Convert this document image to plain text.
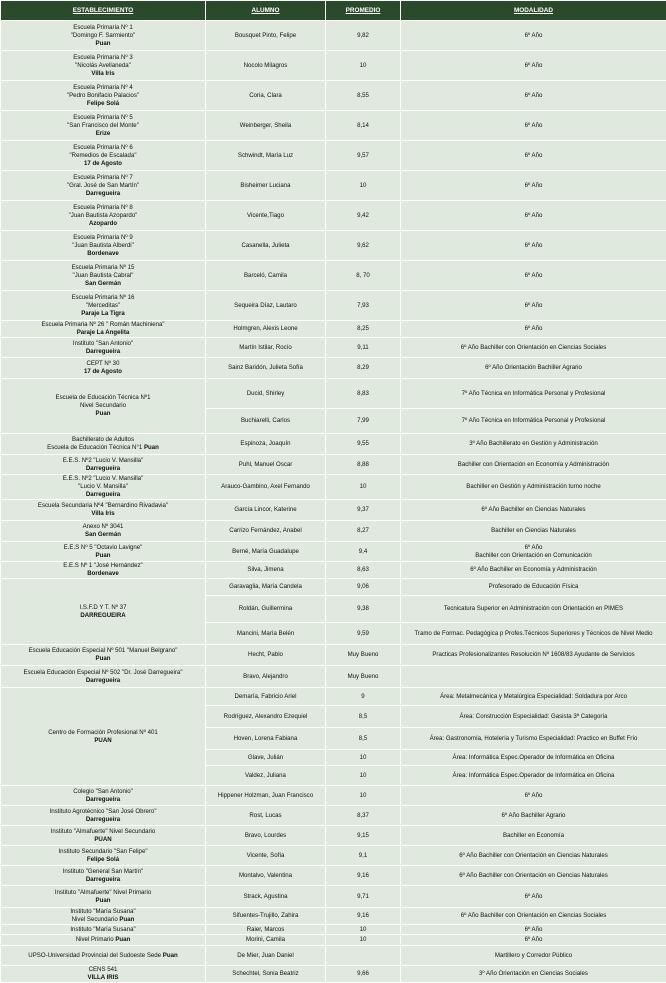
ESTABLECIMIENTO	ALUMNO	PROMEDIO	MODALIDAD

Escuela Primaria Nº 1
"Domingo F. Sarmiento"
Puan	Bousquet Pinto, Felipe	9,82	6º Año

Escuela Primaria Nº 3
"Nicolás Avellaneda"
Villa Iris	Nocolo Milagros	10	6º Año

Escuela Primaria Nº 4
"Pedro Bonifacio Palacios"
Felipe Solá	Coria, Clara	8,55	6º Año

Escuela Primaria Nº 5
"San Francisco del Monte"
Erize	Weinberger, Sheila	8,14	6º Año

Escuela Primaria Nº 6
"Remedios de Escalada"
17 de Agosto	Schwindt, María Luz	9,57	6º Año

Escuela Primaria Nº 7
"Gral. José de San Martín"
Darregueira	Bisheimer Luciana	10	6º Año

Escuela Primaria Nº 8
"Juan Bautista Azopardo"
Azopardo	Vicente,Tiago	9,42	6º Año

Escuela Primaria Nº 9
"Juan Bautista Alberdi"
Bordenave	Casanella, Julieta	9,62	6º Año

Escuela Primaria Nº 15
"Juan Bautista Cabral"
San Germán	Barceló, Camila	8, 70	6º Año

Escuela Primaria Nº 16
"Merceditas"
Paraje La Tigra	Sequeira Díaz, Lautaro	7,93	6º Año

Escuela Primaria Nº 26 " Román Machiniena"
Paraje La Angelita	Holmgren, Alexis Leone	8,25	6º Año

Instituto "San Antonio"
Darregueira	Martín Istilar, Rocío	9,11	6º Año Bachiller con Orientación en Ciencias Sociales

CEPT Nº 30
17 de Agosto	Sainz Baridón, Julieta Sofía	8,29	6º Año Orientación Bachiller Agrario

Escuela de Educación Técnica Nº1
Nivel Secundario
Puan	Ducid, Shirley	8,83	7º Año Técnica en Informática Personal y Profesional

	Buchiarelli, Carlos	7,99	7º Año Técnica en Informática Personal y Profesional

Bachillerato de Adultos
Escuela de Educación Técnica N°1 Puan	Espinoza, Joaquín	9,55	3º Año Bachillerato en Gestión y Administración

E.E.S. Nº2 "Lucio V. Mansilla"
Darregueira	Puhl, Manuel Oscar	8,88	Bachiller con Orientación en Economía y Administración

E.E.S. Nº2 "Lucio V. Mansilla"
"Lucio V. Mansilla"
Darregueira	Arauco-Gambino, Axel Fernando	10	Bachiller en Gestión y Administración turno noche

Escuela Secundaria Nº4 "Bernardino Rivadavia"
Villa Iris	García Lincor, Katerine	9,37	6º Año Bachiller en Ciencias Naturales

Anexo Nº 3041
San Germán	Carrizo Fernández, Anabel	8,27	Bachiller en Ciencias Naturales

E.E.S Nº 5 "Octavio Lavigne"
Puan	Berné, María Guadalupe	9,4	6º Año
Bachiller con Orientación en Comunicación

E.E.S Nº 1 "José Hernández"
Bordenave	Silva, Jimena	8,63	6º Año Bachiller en Economía y Administración

I.S.F.D Y T. Nº 37
DARREGUEIRA	Garavaglia, María Candela	9,06	Profesorado de Educación Física

	Roldán, Guillermina	9,38	Tecnicatura Superior en Administración con Orientación en PIMES

	Mancini, María Belén	9,59	Tramo de Formac. Pedagógica p Profes.Técnicos Superiores y Técnicos de Nivel Medio

Escuela Educación Especial Nº 501 "Manuel Belgrano"
Puan	Hecht, Pablo	Muy Bueno	Practicas Profesionalizantes Resolución Nº 1608/83 Ayudante de Servicios

Escuela Educación Especial Nº 502 "Dr. José Darregueira"
Darregueira	Bravo, Alejandro	Muy Bueno	

Centro de Formación Profesional Nº 401
PUAN	Demaría, Fabricio Ariel	9	Área: Metalmecánica y Metalúrgica Especialidad: Soldadura por Arco

	Rodríguez, Alexandro Ezequiel	8,5	Área: Construcción Especialidad: Gasista 3ª Categoría

	Hoven, Lorena Fabiana	8,5	Área: Gastronomía, Hotelería y Turismo Especialidad: Practico en Buffet Frío

	Glave, Julián	10	Área: Informática Espec.Operador de Informática en Oficina

	Valdez, Juliana	10	Área: Informática Espec.Operador de Informática en Oficina

Colegio "San Antonio"
Darregueira	Hippener Holzman, Juan Francisco	10	6º Año

Instituto Agrotécnico "San José Obrero"
Darregueira	Rost, Lucas	8,37	6º Año Bachiller Agrario

Instituto "Almafuerte" Nivel Secundario
PUAN	Bravo, Lourdes	9,15	Bachiller en Economía

Instituto Secundario "San Felipe"
Felipe Solá	Vicente, Sofía	9,1	6º Año Bachiller con Orientación en Ciencias Naturales

Instituto "General San Martín"
Darregueira	Montalvo, Valentina	9,16	6º Año Bachiller con Orientación en Ciencias Naturales

Instituto "Almafuerte" Nivel Primario
Puan	Strack, Agustina	9,71	6º Año

Instituto "María Susana"
Nivel Secundario Puan	Sifuentes-Trujillo, Zahira	9,16	6º Año Bachiller con Orientación en Ciencias Sociales

Instituto "María Susana"	Raier, Marcos	10	6º Año

Nivel Primario Puan	Morini, Camila	10	6º Año

UPSO-Universidad Provincial del Sudoeste Sede Puan	De Mier, Juan Daniel		Martillero y Corredor Público

CENS 541
VILLA IRIS	Schechtel, Sonia Beatriz	9,66	3º Año Orientación en Ciencias Sociales
